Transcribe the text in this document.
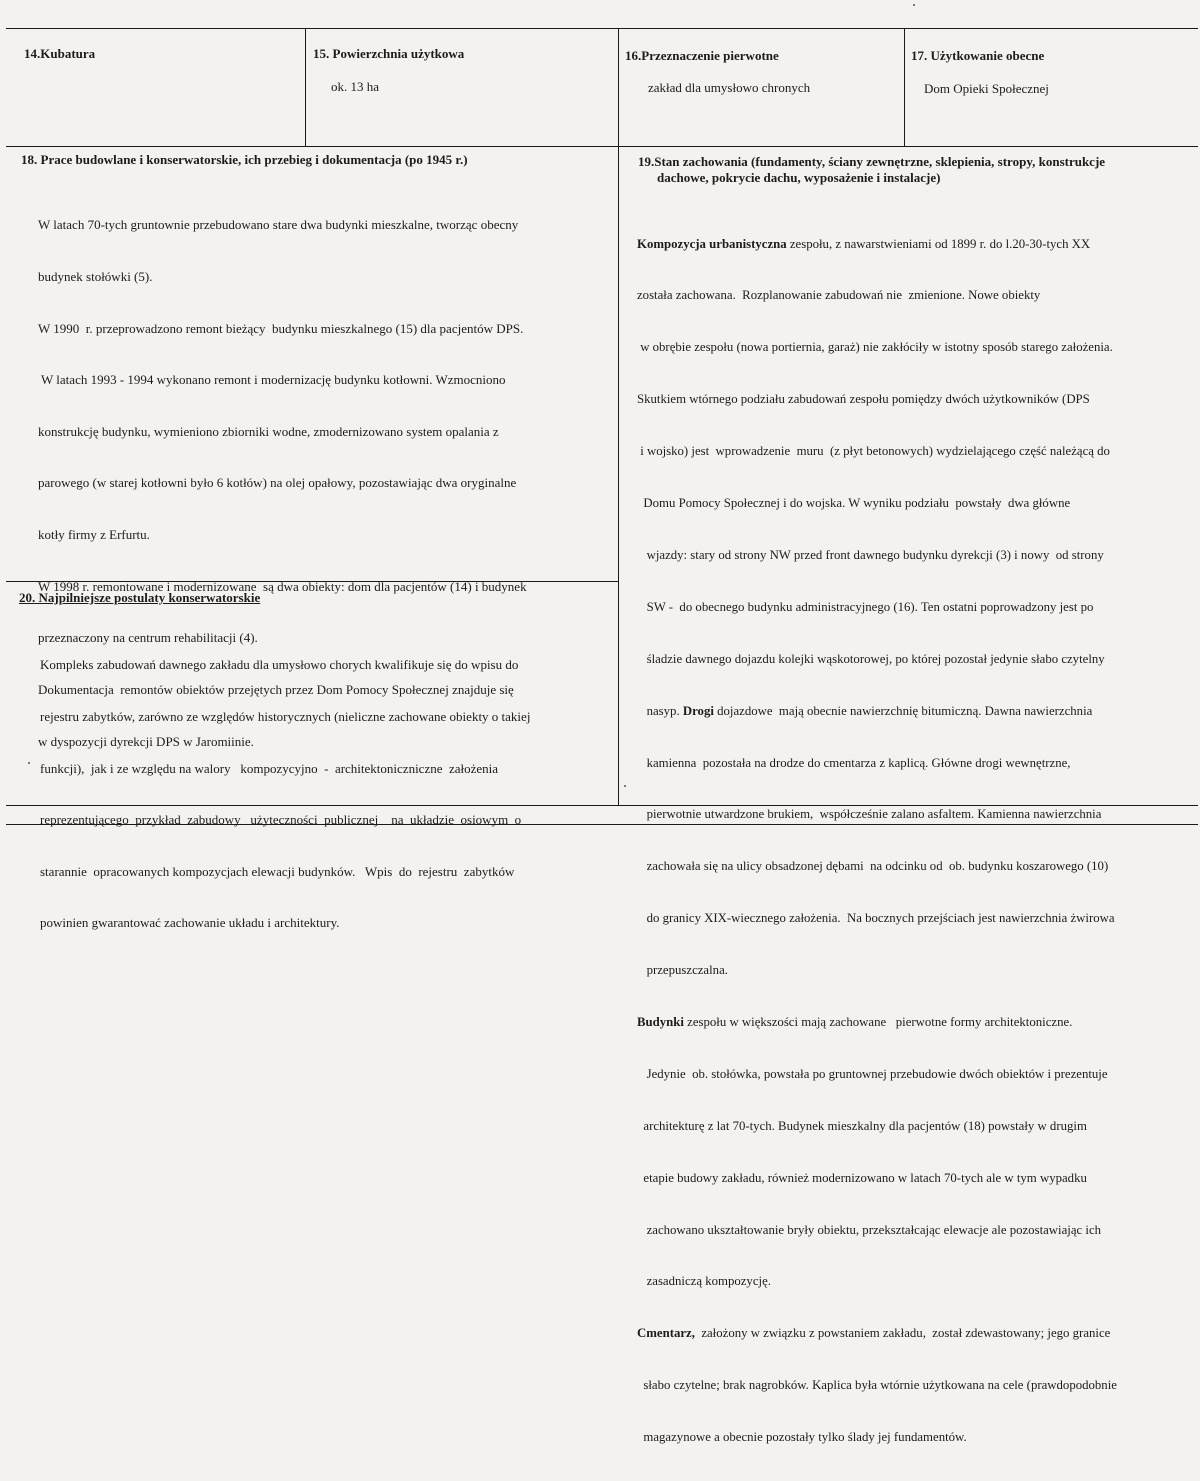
14.Kubatura	15. Powierzchnia użytkowa
ok. 13 ha
16.Przeznaczenie pierwotne
zakład dla umysłowo chronych
17. Użytkowanie obecne
Dom Opieki Społecznej
18. Prace budowlane i konserwatorskie, ich przebieg i dokumentacja (po 1945 r.)

W latach 70-tych gruntownie przebudowano stare dwa budynki mieszkalne, tworząc obecny

budynek stołówki (5).

W 1990  r. przeprowadzono remont bieżący  budynku mieszkalnego (15) dla pacjentów DPS.

W latach 1993 - 1994 wykonano remont i modernizację budynku kotłowni. Wzmocniono

konstrukcję budynku, wymieniono zbiorniki wodne, zmodernizowano system opalania z

parowego (w starej kotłowni było 6 kotłów) na olej opałowy, pozostawiając dwa oryginalne

kotły firmy z Erfurtu.

W 1998 r. remontowane i modernizowane  są dwa obiekty: dom dla pacjentów (14) i budynek

przeznaczony na centrum rehabilitacji (4).

Dokumentacja  remontów obiektów przejętych przez Dom Pomocy Społecznej znajduje się

w dyspozycji dyrekcji DPS w Jaromiinie.

20. Najpilniejsze postulaty konserwatorskie

Kompleks zabudowań dawnego zakładu dla umysłowo chorych kwalifikuje się do wpisu do

rejestru zabytków, zarówno ze względów historycznych (nieliczne zachowane obiekty o takiej

funkcji),  jak i ze względu na walory   kompozycyjno  -  architektoniczniczne  założenia

reprezentującego  przykład  zabudowy   użyteczności  publicznej    na  układzie  osiowym  o

starannie  opracowanych kompozycjach elewacji budynków.   Wpis  do  rejestru  zabytków

powinien gwarantować zachowanie układu i architektury.

19.Stan zachowania (fundamenty, ściany zewnętrzne, sklepienia, stropy, konstrukcje
dachowe, pokrycie dachu, wyposażenie i instalacje)

Kompozycja urbanistyczna zespołu, z nawarstwieniami od 1899 r. do l.20-30-tych XX

została zachowana.  Rozplanowanie zabudowań nie  zmienione. Nowe obiekty

w obrębie zespołu (nowa portiernia, garaż) nie zakłóciły w istotny sposób starego założenia.

Skutkiem wtórnego podziału zabudowań zespołu pomiędzy dwóch użytkowników (DPS

i wojsko) jest  wprowadzenie  muru  (z płyt betonowych) wydzielającego część należącą do

Domu Pomocy Społecznej i do wojska. W wyniku podziału  powstały  dwa główne

wjazdy: stary od strony NW przed front dawnego budynku dyrekcji (3) i nowy  od strony

SW -  do obecnego budynku administracyjnego (16). Ten ostatni poprowadzony jest po

śladzie dawnego dojazdu kolejki wąskotorowej, po której pozostał jedynie słabo czytelny

nasyp. Drogi dojazdowe  mają obecnie nawierzchnię bitumiczną. Dawna nawierzchnia

kamienna  pozostała na drodze do cmentarza z kaplicą. Główne drogi wewnętrzne,

pierwotnie utwardzone brukiem,  współcześnie zalano asfaltem. Kamienna nawierzchnia

zachowała się na ulicy obsadzonej dębami  na odcinku od  ob. budynku koszarowego (10)

do granicy XIX-wiecznego założenia.  Na bocznych przejściach jest nawierzchnia żwirowa

przepuszczalna.

Budynki zespołu w większości mają zachowane   pierwotne formy architektoniczne.

Jedynie  ob. stołówka, powstała po gruntownej przebudowie dwóch obiektów i prezentuje

architekturę z lat 70-tych. Budynek mieszkalny dla pacjentów (18) powstały w drugim

etapie budowy zakładu, również modernizowano w latach 70-tych ale w tym wypadku

zachowano ukształtowanie bryły obiektu, przekształcając elewacje ale pozostawiając ich

zasadniczą kompozycję.

Cmentarz,  założony w związku z powstaniem zakładu,  został zdewastowany; jego granice

słabo czytelne; brak nagrobków. Kaplica była wtórnie użytkowana na cele (prawdopodobnie

magazynowe a obecnie pozostały tylko ślady jej fundamentów.
